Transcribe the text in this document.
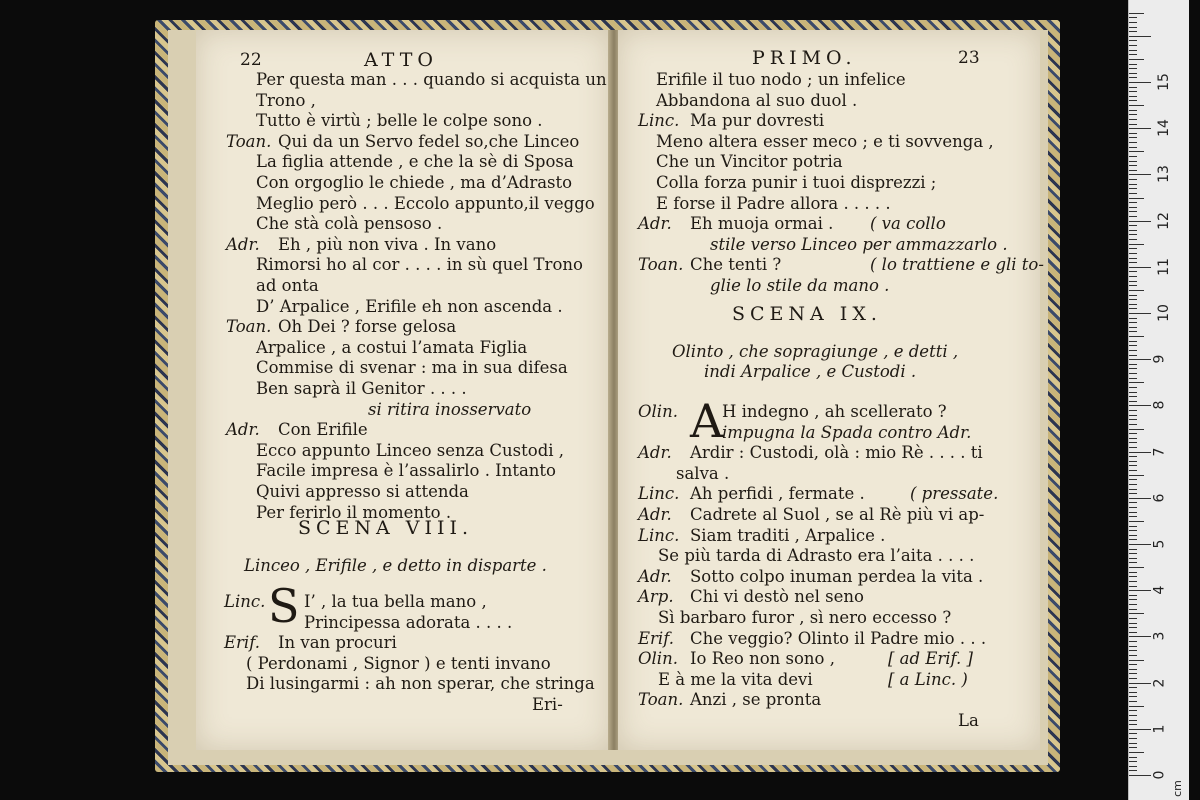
22	ATTO
Per questa man . . . quando si acquista un
Trono ,
Tutto è virtù ; belle le colpe sono .
Toan. Qui da un Servo fedel so,che Linceo
La figlia attende , e che la sè di Sposa
Con orgoglio le chiede , ma d’Adrasto
Meglio però . . . Eccolo appunto,il veggo
Che stà colà pensoso .
Adr. Eh , più non viva . In vano
Rimorsi ho al cor . . . . in sù quel Trono
ad onta
D’ Arpalice , Erifile eh non ascenda .
Toan. Oh Dei ? forse gelosa
Arpalice , a costui l’amata Figlia
Commise di svenar : ma in sua difesa
Ben saprà il Genitor . . . .
si ritira inosservato
Adr. Con Erifile
Ecco appunto Linceo senza Custodi ,
Facile impresa è l’assalirlo . Intanto
Quivi appresso si attenda
Per ferirlo il momento .
SCENA VIII.
Linceo , Erifile , e detto in disparte .
S
Linc. I’ , la tua bella mano ,
Principessa adorata . . . .
Erif. In van procuri
( Perdonami , Signor ) e tenti invano
Di lusingarmi : ah non sperar, che stringa
Eri-
PRIMO.	23
Erifile il tuo nodo ; un infelice
Abbandona al suo duol .
Linc. Ma pur dovresti
Meno altera esser meco ; e ti sovvenga ,
Che un Vincitor potria
Colla forza punir i tuoi disprezzi ;
E forse il Padre allora . . . . .
Adr. Eh muoja ormai . ( va collo
stile verso Linceo per ammazzarlo .
Toan. Che tenti ?	( lo trattiene e gli to-
glie lo stile da mano .
SCENA IX.
Olinto , che sopragiunge , e detti ,
indi Arpalice , e Custodi .
A
Olin.	H indegno , ah scellerato ?
impugna la Spada contro Adr.
Adr. Ardir : Custodi, olà : mio Rè . . . . ti
salva .
Linc. Ah perfidi , fermate .	( pressate.
Adr. Cadrete al Suol , se al Rè più vi ap-
Linc. Siam traditi , Arpalice .
Se più tarda di Adrasto era l’aita . . . .
Adr. Sotto colpo inuman perdea la vita .
Arp. Chi vi destò nel seno
Sì barbaro furor , sì nero eccesso ?
Erif. Che veggio? Olinto il Padre mio . . .
Olin. Io Reo non sono ,	[ ad Erif. ]
E à me la vita devi	[ a Linc. )
Toan. Anzi , se pronta
La
0
1
2
3
4
5
6
7
8
9
10
11
12
13
14
15
cm
